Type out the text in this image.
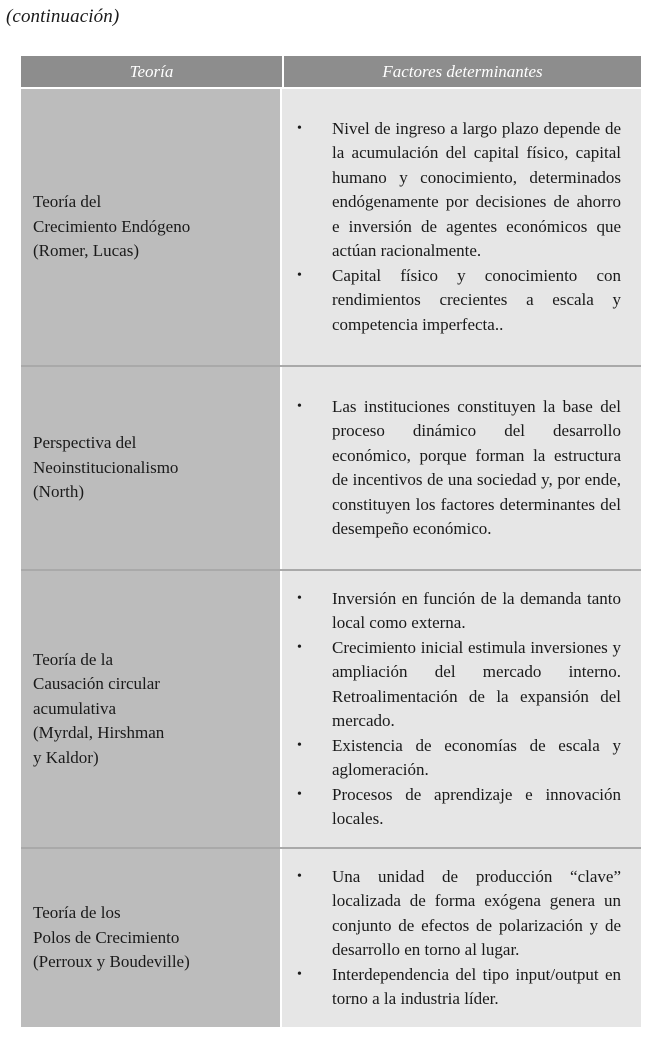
(continuación)
Teoría	Factores determinantes
Teoría del
Crecimiento Endógeno
(Romer, Lucas)
• Nivel de ingreso a largo plazo depende de la acumulación del capital físico, capital humano y conocimiento, determinados endógenamente por decisiones de ahorro e inversión de agentes económicos que actúan racionalmente.
• Capital físico y conocimiento con rendimientos crecientes a escala y competencia imperfecta..
Perspectiva del
Neoinstitucionalismo
(North)
• Las instituciones constituyen la base del proceso dinámico del desarrollo económico, porque forman la estructura de incentivos de una sociedad y, por ende, constituyen los factores determinantes del desempeño económico.
Teoría de la
Causación circular
acumulativa
(Myrdal, Hirshman
y Kaldor)
• Inversión en función de la demanda tanto local como externa.
• Crecimiento inicial estimula inversiones y ampliación del mercado interno. Retroalimentación de la expansión del mercado.
• Existencia de economías de escala y aglomeración.
• Procesos de aprendizaje e innovación locales.
Teoría de los
Polos de Crecimiento
(Perroux y Boudeville)
• Una unidad de producción “clave” localizada de forma exógena genera un conjunto de efectos de polarización y de desarrollo en torno al lugar.
• Interdependencia del tipo input/output en torno a la industria líder.
